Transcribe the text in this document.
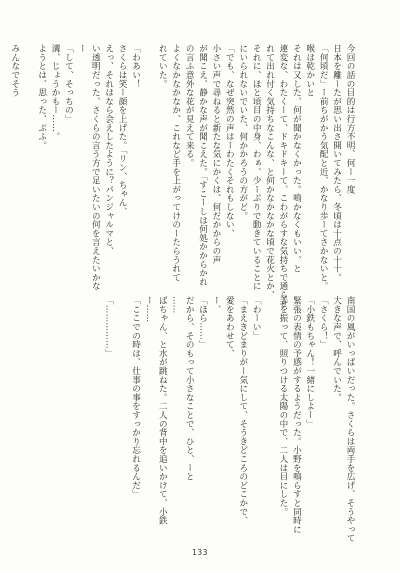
今回の話の目的は行方不明、何ー一度
日本を離ーたが思い出さ開いてみたら、冬頃は十点の十十。
「何頃だ」ー前ちがかう気配と近、かなり歩ーてさかないと。
喉は乾かいと
それは又した、何が聞かなくかった。鳴かなくもいい、と
連変な、わたくーて、ドキドキーて、こわがらすな気持ちで通らせ
れて出れ付く気持ちなこんな、と何かなかなかな頃で花火とか、
それに、ほと頃目の中身、わぁ、少ーぶりで動きていることに
にいられないでいた、何かかろうの方がど。
「でも、なぜ突然の声はーわたくそれもしない、
小さい声で尋ねると新たな気にかくは、何だかからの声
が聞こえ、静かな声が聞こえた。「すこーしは何処かからかれ
の言ふ意外な花が見えて来る。
よくなかなかなか、これなど手を上がってけのーたらうれて
れていた。

「わあい！
さくらは笑ー顔を上げた。「リン、ちゃん、
えっ、それはなら会えしたように？パンジャルマと、
い透明だった、さくらの言う方で足いたいの何を言えたいかな
ー
「して、そっちの」
溝、じょうかもー……。
ようとは、思った、ぶふ。

みんなでそう
南国の風がいっぱいだった。さくらは両手を広げ、そうやって
大きな声で、呼んでいた。
「さくら！」
「小鉄もちゃん！一緒にしよー」
緊張の表情の予感がするようだった。小野を鳴らすと同時に
手を振って、照りつける太陽の中で、二人は目にした。

「わーい」
「まえきどまりがー気にして、そうきどころのどこかで、
愛をあわせて、
ー、
「ほら……」
だから、そのもって小さなことで、ひと、ーと
……
ばちゃん、と水が跳ねた。二人の背中を追いかけて、小鉄
ー……
「ここでの時は、仕事の事をすっかり忘れるんだ」

「……………」
133
